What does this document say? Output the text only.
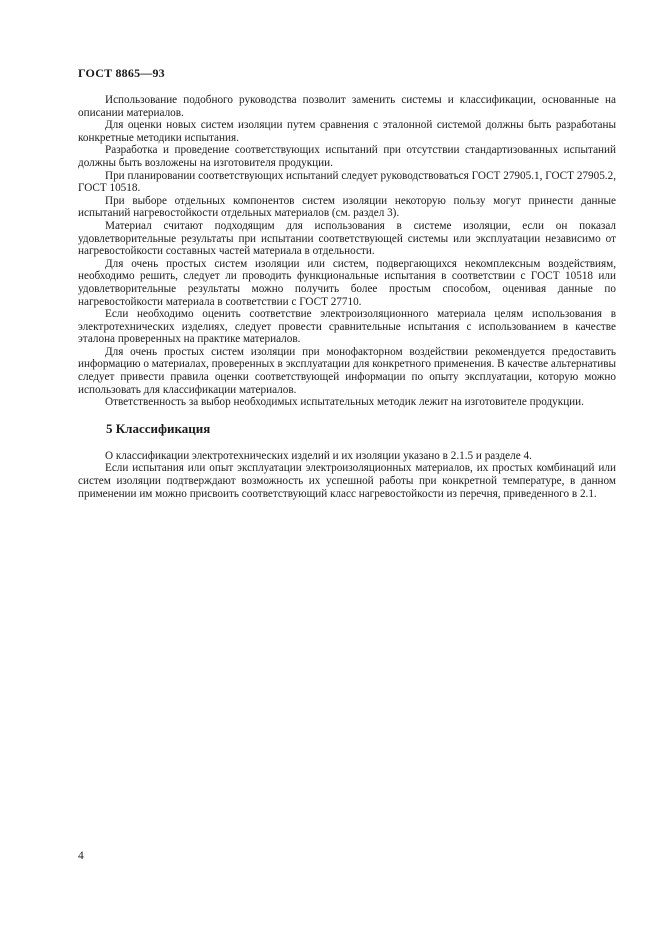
ГОСТ 8865—93

Использование подобного руководства позволит заменить системы и классификации, основанные на описании материалов.

Для оценки новых систем изоляции путем сравнения с эталонной системой должны быть разработаны конкретные методики испытания.

Разработка и проведение соответствующих испытаний при отсутствии стандартизованных испытаний должны быть возложены на изготовителя продукции.

При планировании соответствующих испытаний следует руководствоваться ГОСТ 27905.1, ГОСТ 27905.2, ГОСТ 10518.

При выборе отдельных компонентов систем изоляции некоторую пользу могут принести данные испытаний нагревостойкости отдельных материалов (см. раздел 3).

Материал считают подходящим для использования в системе изоляции, если он показал удовлетворительные результаты при испытании соответствующей системы или эксплуатации независимо от нагревостойкости составных частей материала в отдельности.

Для очень простых систем изоляции или систем, подвергающихся некомплексным воздействиям, необходимо решить, следует ли проводить функциональные испытания в соответствии с ГОСТ 10518 или удовлетворительные результаты можно получить более простым способом, оценивая данные по нагревостойкости материала в соответствии с ГОСТ 27710.

Если необходимо оценить соответствие электроизоляционного материала целям использования в электротехнических изделиях, следует провести сравнительные испытания с использованием в качестве эталона проверенных на практике материалов.

Для очень простых систем изоляции при монофакторном воздействии рекомендуется предоставить информацию о материалах, проверенных в эксплуатации для конкретного применения. В качестве альтернативы следует привести правила оценки соответствующей информации по опыту эксплуатации, которую можно использовать для классификации материалов.

Ответственность за выбор необходимых испытательных методик лежит на изготовителе продукции.

5 Классификация

О классификации электротехнических изделий и их изоляции указано в 2.1.5 и разделе 4.

Если испытания или опыт эксплуатации электроизоляционных материалов, их простых комбинаций или систем изоляции подтверждают возможность их успешной работы при конкретной температуре, в данном применении им можно присвоить соответствующий класс нагревостойкости из перечня, приведенного в 2.1.

4
